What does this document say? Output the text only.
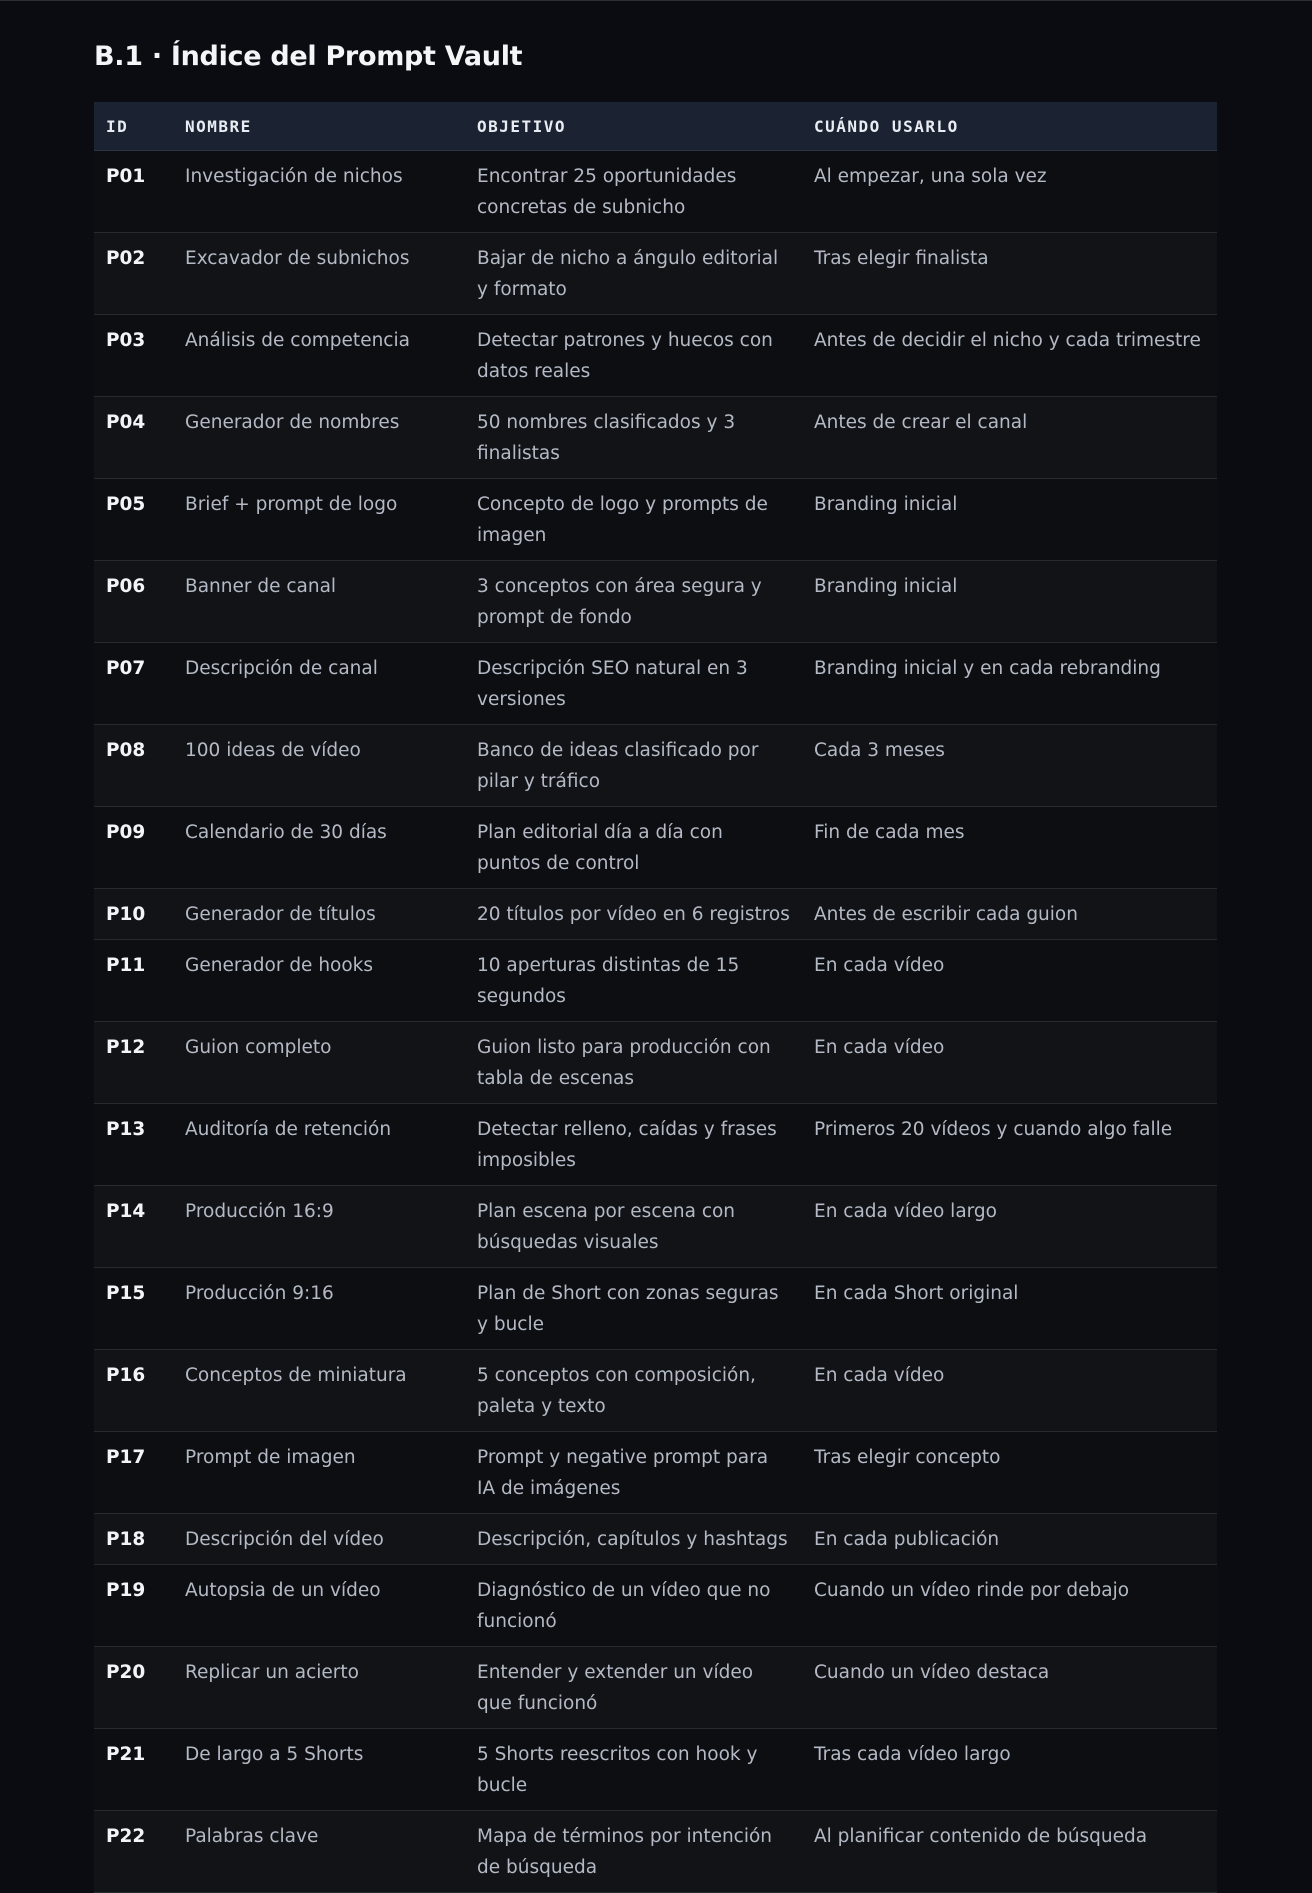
B.1 · Índice del Prompt Vault
ID	NOMBRE	OBJETIVO	CUÁNDO USARLO
P01	Investigación de nichos	Encontrar 25 oportunidades concretas de subnicho	Al empezar, una sola vez
P02	Excavador de subnichos	Bajar de nicho a ángulo editorial y formato	Tras elegir finalista
P03	Análisis de competencia	Detectar patrones y huecos con datos reales	Antes de decidir el nicho y cada trimestre
P04	Generador de nombres	50 nombres clasificados y 3 finalistas	Antes de crear el canal
P05	Brief + prompt de logo	Concepto de logo y prompts de imagen	Branding inicial
P06	Banner de canal	3 conceptos con área segura y prompt de fondo	Branding inicial
P07	Descripción de canal	Descripción SEO natural en 3 versiones	Branding inicial y en cada rebranding
P08	100 ideas de vídeo	Banco de ideas clasificado por pilar y tráfico	Cada 3 meses
P09	Calendario de 30 días	Plan editorial día a día con puntos de control	Fin de cada mes
P10	Generador de títulos	20 títulos por vídeo en 6 registros	Antes de escribir cada guion
P11	Generador de hooks	10 aperturas distintas de 15 segundos	En cada vídeo
P12	Guion completo	Guion listo para producción con tabla de escenas	En cada vídeo
P13	Auditoría de retención	Detectar relleno, caídas y frases imposibles	Primeros 20 vídeos y cuando algo falle
P14	Producción 16:9	Plan escena por escena con búsquedas visuales	En cada vídeo largo
P15	Producción 9:16	Plan de Short con zonas seguras y bucle	En cada Short original
P16	Conceptos de miniatura	5 conceptos con composición, paleta y texto	En cada vídeo
P17	Prompt de imagen	Prompt y negative prompt para IA de imágenes	Tras elegir concepto
P18	Descripción del vídeo	Descripción, capítulos y hashtags	En cada publicación
P19	Autopsia de un vídeo	Diagnóstico de un vídeo que no funcionó	Cuando un vídeo rinde por debajo
P20	Replicar un acierto	Entender y extender un vídeo que funcionó	Cuando un vídeo destaca
P21	De largo a 5 Shorts	5 Shorts reescritos con hook y bucle	Tras cada vídeo largo
P22	Palabras clave	Mapa de términos por intención de búsqueda	Al planificar contenido de búsqueda
